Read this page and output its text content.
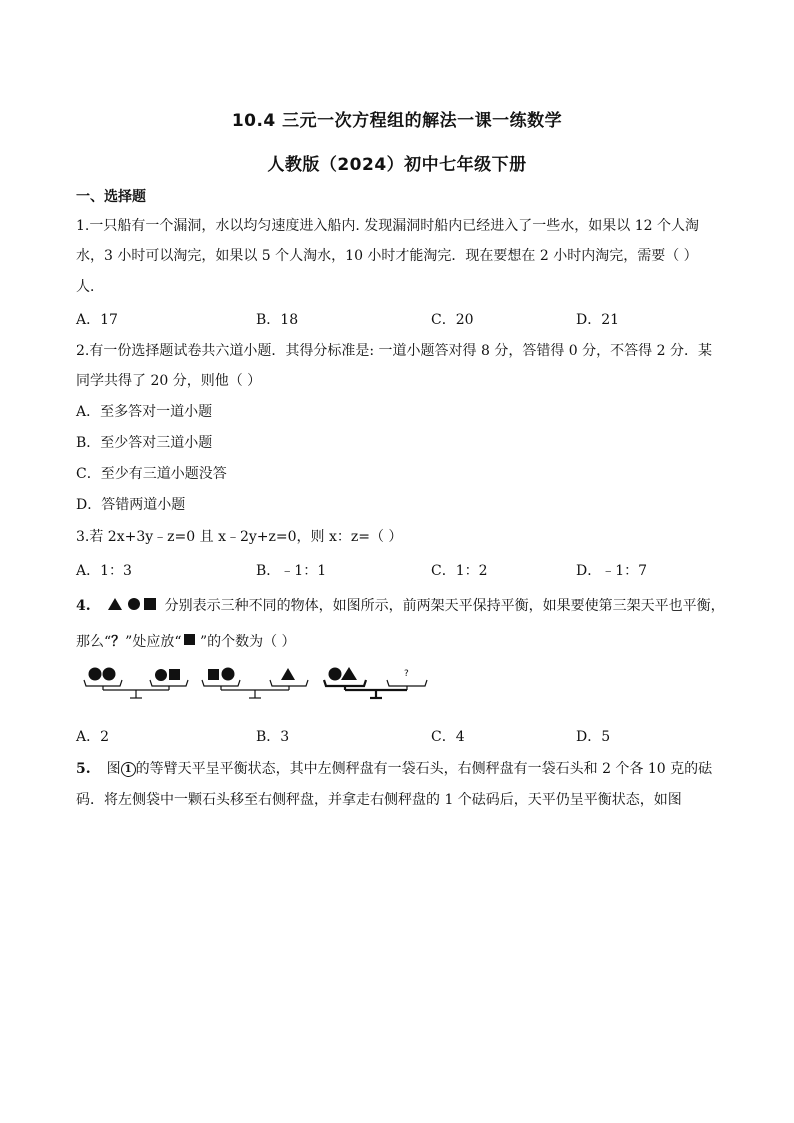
10.4 三元一次方程组的解法一课一练数学
人教版（2024）初中七年级下册
一、选择题
1.一只船有一个漏洞，水以均匀速度进入船内. 发现漏洞时船内已经进入了一些水，如果以 12 个人淘
水，3 小时可以淘完，如果以 5 个人淘水，10 小时才能淘完．现在要想在 2 小时内淘完，需要（ ）
人．
A．17	B．18	C．20	D．21
2.有一份选择题试卷共六道小题．其得分标准是: 一道小题答对得 8 分，答错得 0 分，不答得 2 分．某
同学共得了 20 分，则他（ ）
A．至多答对一道小题
B．至少答对三道小题
C．至少有三道小题没答
D．答错两道小题
3.若 2x+3y﹣z=0 且 x﹣2y+z=0，则 x：z=（ ）
A．1：3	B．﹣1：1	C．1：2	D．﹣1：7
4.	分别表示三种不同的物体，如图所示，前两架天平保持平衡，如果要使第三架天平也平衡，
那么“？”处应放“ ”的个数为（ ）
?
A．2	B．3	C．4	D．5
5. 图 1 的等臂天平呈平衡状态，其中左侧秤盘有一袋石头，右侧秤盘有一袋石头和 2 个各 10 克的砝
码．将左侧袋中一颗石头移至右侧秤盘，并拿走右侧秤盘的 1 个砝码后，天平仍呈平衡状态，如图
